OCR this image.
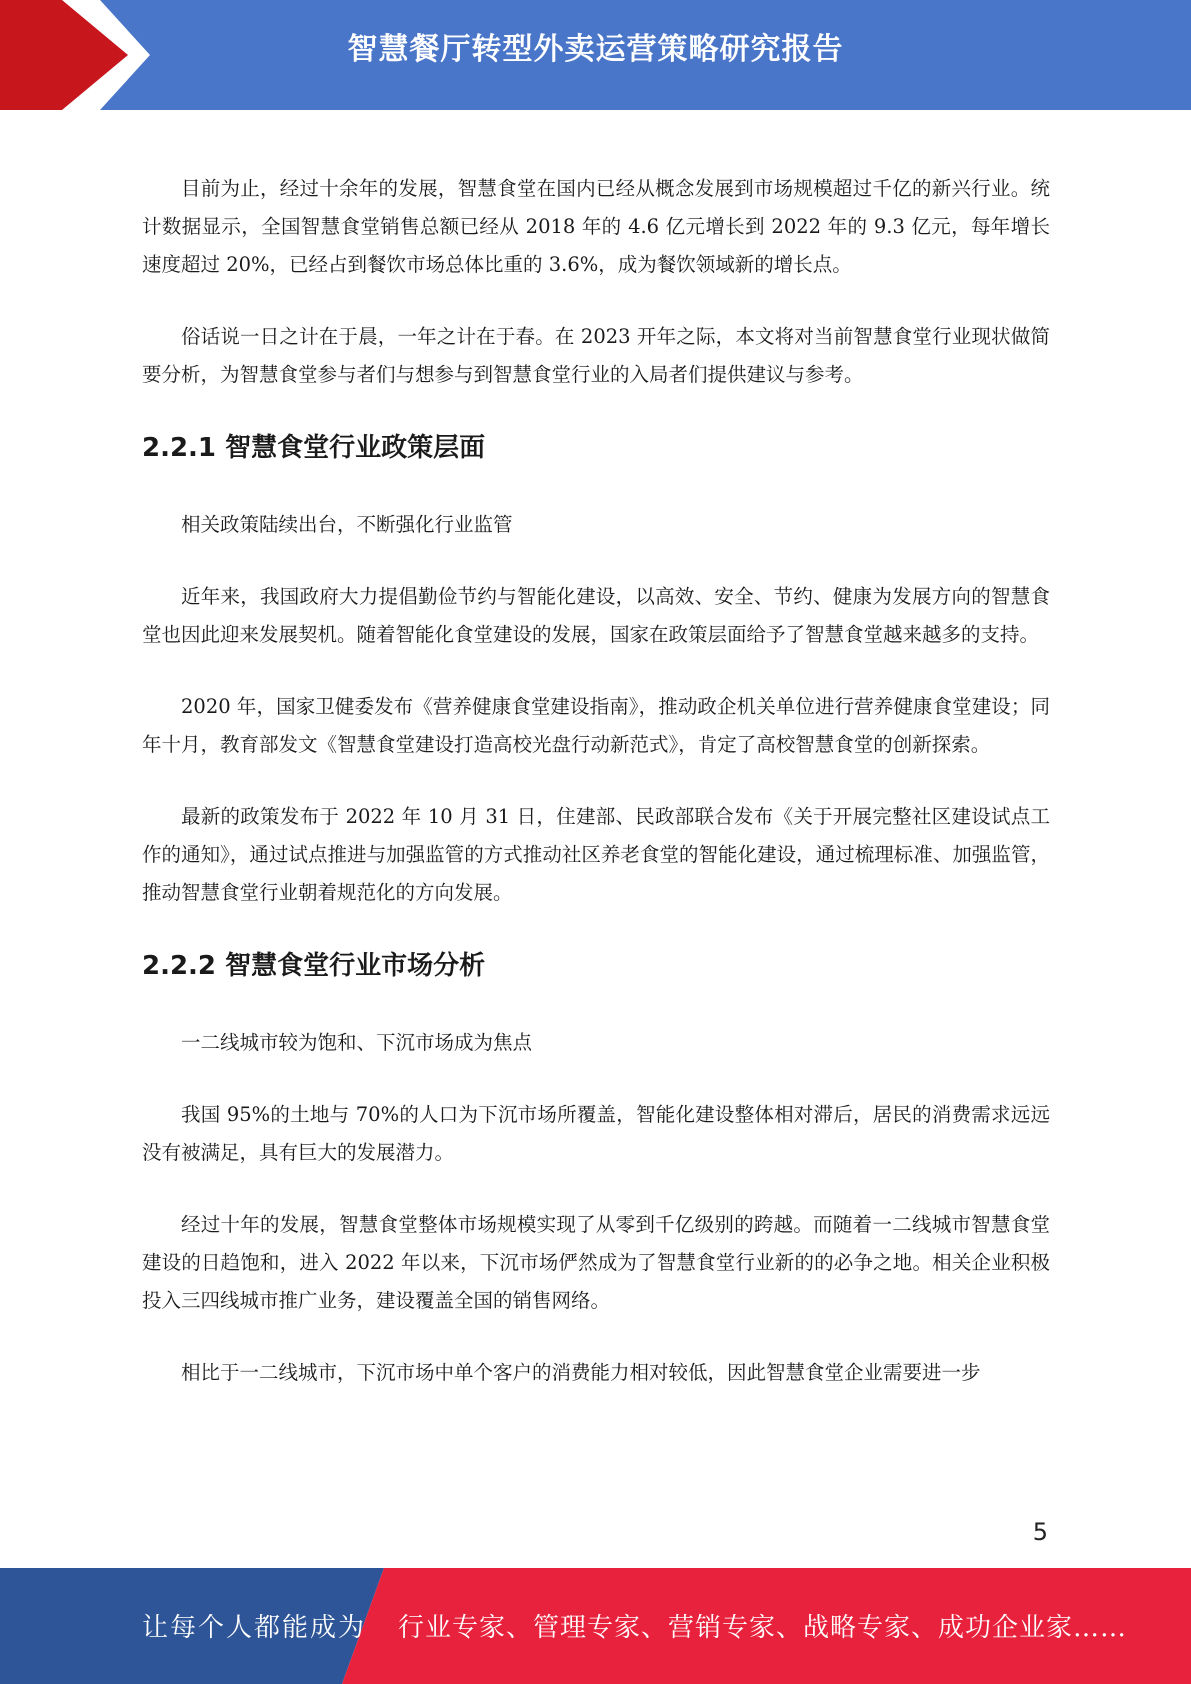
智慧餐厅转型外卖运营策略研究报告

目前为止，经过十余年的发展，智慧食堂在国内已经从概念发展到市场规模超过千亿的新兴行业。统计数据显示，全国智慧食堂销售总额已经从 2018 年的 4.6 亿元增长到 2022 年的 9.3 亿元，每年增长速度超过 20%，已经占到餐饮市场总体比重的 3.6%，成为餐饮领域新的增长点。

俗话说一日之计在于晨，一年之计在于春。在 2023 开年之际，本文将对当前智慧食堂行业现状做简要分析，为智慧食堂参与者们与想参与到智慧食堂行业的入局者们提供建议与参考。

2.2.1 智慧食堂行业政策层面

相关政策陆续出台，不断强化行业监管

近年来，我国政府大力提倡勤俭节约与智能化建设，以高效、安全、节约、健康为发展方向的智慧食堂也因此迎来发展契机。随着智能化食堂建设的发展，国家在政策层面给予了智慧食堂越来越多的支持。

2020 年，国家卫健委发布《营养健康食堂建设指南》，推动政企机关单位进行营养健康食堂建设；同年十月，教育部发文《智慧食堂建设打造高校光盘行动新范式》，肯定了高校智慧食堂的创新探索。

最新的政策发布于 2022 年 10 月 31 日，住建部、民政部联合发布《关于开展完整社区建设试点工作的通知》，通过试点推进与加强监管的方式推动社区养老食堂的智能化建设，通过梳理标准、加强监管，推动智慧食堂行业朝着规范化的方向发展。

2.2.2 智慧食堂行业市场分析

一二线城市较为饱和、下沉市场成为焦点

我国 95%的土地与 70%的人口为下沉市场所覆盖，智能化建设整体相对滞后，居民的消费需求远远没有被满足，具有巨大的发展潜力。

经过十年的发展，智慧食堂整体市场规模实现了从零到千亿级别的跨越。而随着一二线城市智慧食堂建设的日趋饱和，进入 2022 年以来，下沉市场俨然成为了智慧食堂行业新的的必争之地。相关企业积极投入三四线城市推广业务，建设覆盖全国的销售网络。

相比于一二线城市，下沉市场中单个客户的消费能力相对较低，因此智慧食堂企业需要进一步

5
让每个人都能成为 行业专家、管理专家、营销专家、战略专家、成功企业家……
